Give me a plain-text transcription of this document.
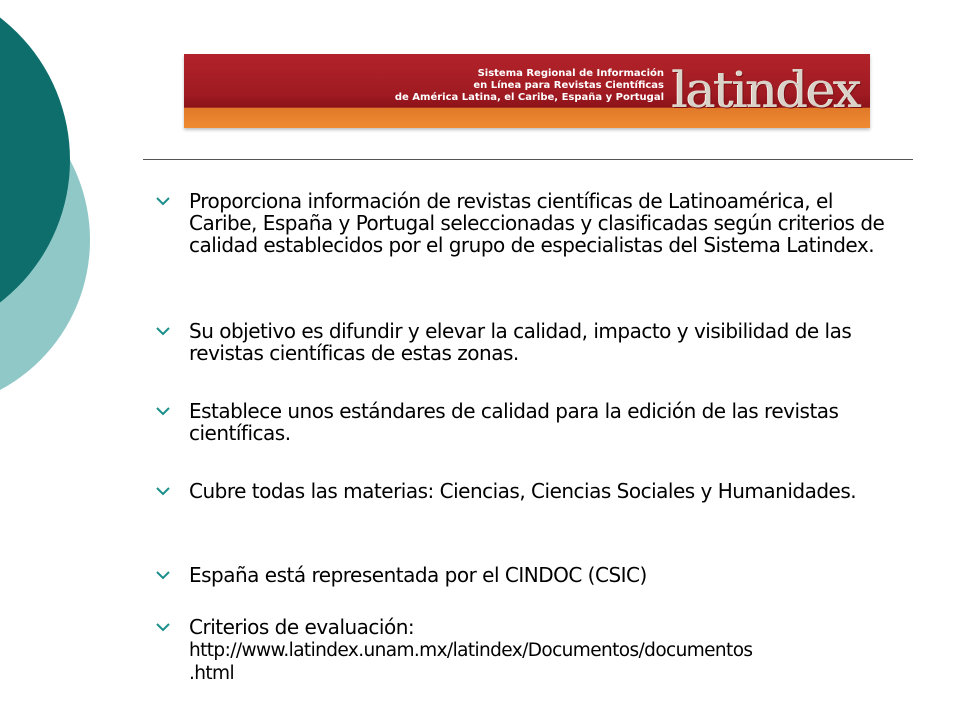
Sistema Regional de Información
en Línea para Revistas Científicas
de América Latina, el Caribe, España y Portugal latindex
Proporciona información de revistas científicas de Latinoamérica, el Caribe, España y Portugal seleccionadas y clasificadas según criterios de calidad establecidos por el grupo de especialistas del Sistema Latindex.
Su objetivo es difundir y elevar la calidad, impacto y visibilidad de las revistas científicas de estas zonas.
Establece unos estándares de calidad para la edición de las revistas científicas.
Cubre todas las materias: Ciencias, Ciencias Sociales y Humanidades.
España está representada por el CINDOC (CSIC)
Criterios de evaluación:
http://www.latindex.unam.mx/latindex/Documentos/documentos
.html
